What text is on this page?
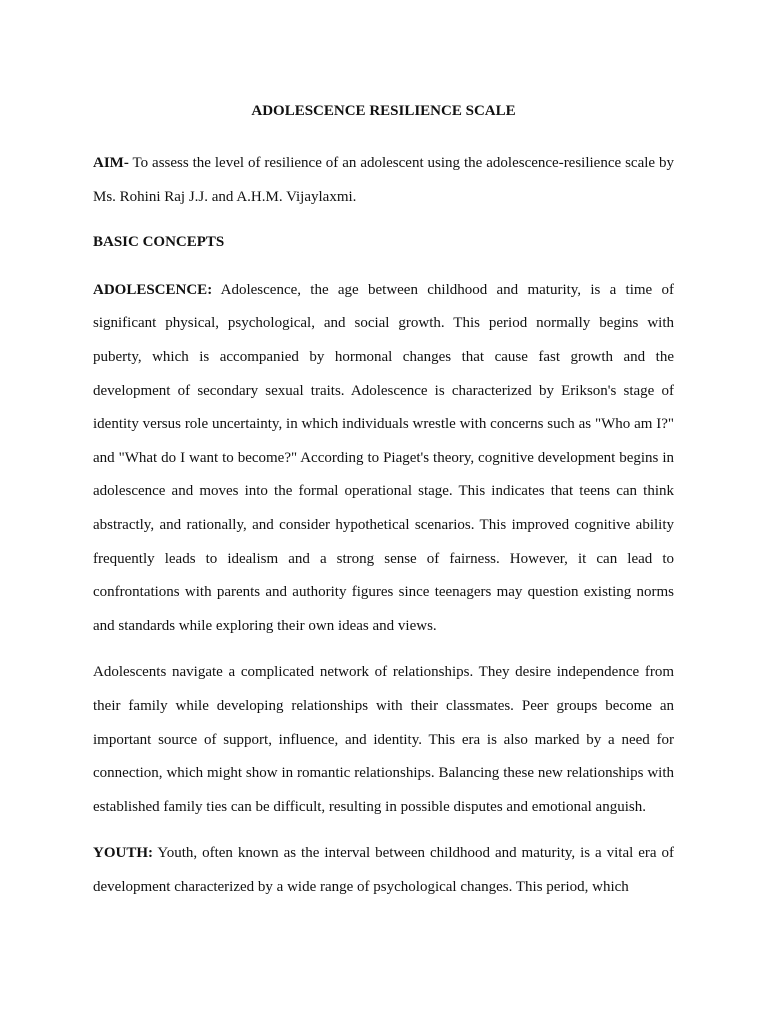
ADOLESCENCE RESILIENCE SCALE

AIM- To assess the level of resilience of an adolescent using the adolescence-resilience scale by Ms. Rohini Raj J.J. and A.H.M. Vijaylaxmi.

BASIC CONCEPTS

ADOLESCENCE: Adolescence, the age between childhood and maturity, is a time of significant physical, psychological, and social growth. This period normally begins with puberty, which is accompanied by hormonal changes that cause fast growth and the development of secondary sexual traits. Adolescence is characterized by Erikson's stage of identity versus role uncertainty, in which individuals wrestle with concerns such as "Who am I?" and "What do I want to become?" According to Piaget's theory, cognitive development begins in adolescence and moves into the formal operational stage. This indicates that teens can think abstractly, and rationally, and consider hypothetical scenarios. This improved cognitive ability frequently leads to idealism and a strong sense of fairness. However, it can lead to confrontations with parents and authority figures since teenagers may question existing norms and standards while exploring their own ideas and views.

Adolescents navigate a complicated network of relationships. They desire independence from their family while developing relationships with their classmates. Peer groups become an important source of support, influence, and identity. This era is also marked by a need for connection, which might show in romantic relationships. Balancing these new relationships with established family ties can be difficult, resulting in possible disputes and emotional anguish.

YOUTH: Youth, often known as the interval between childhood and maturity, is a vital era of development characterized by a wide range of psychological changes. This period, which
